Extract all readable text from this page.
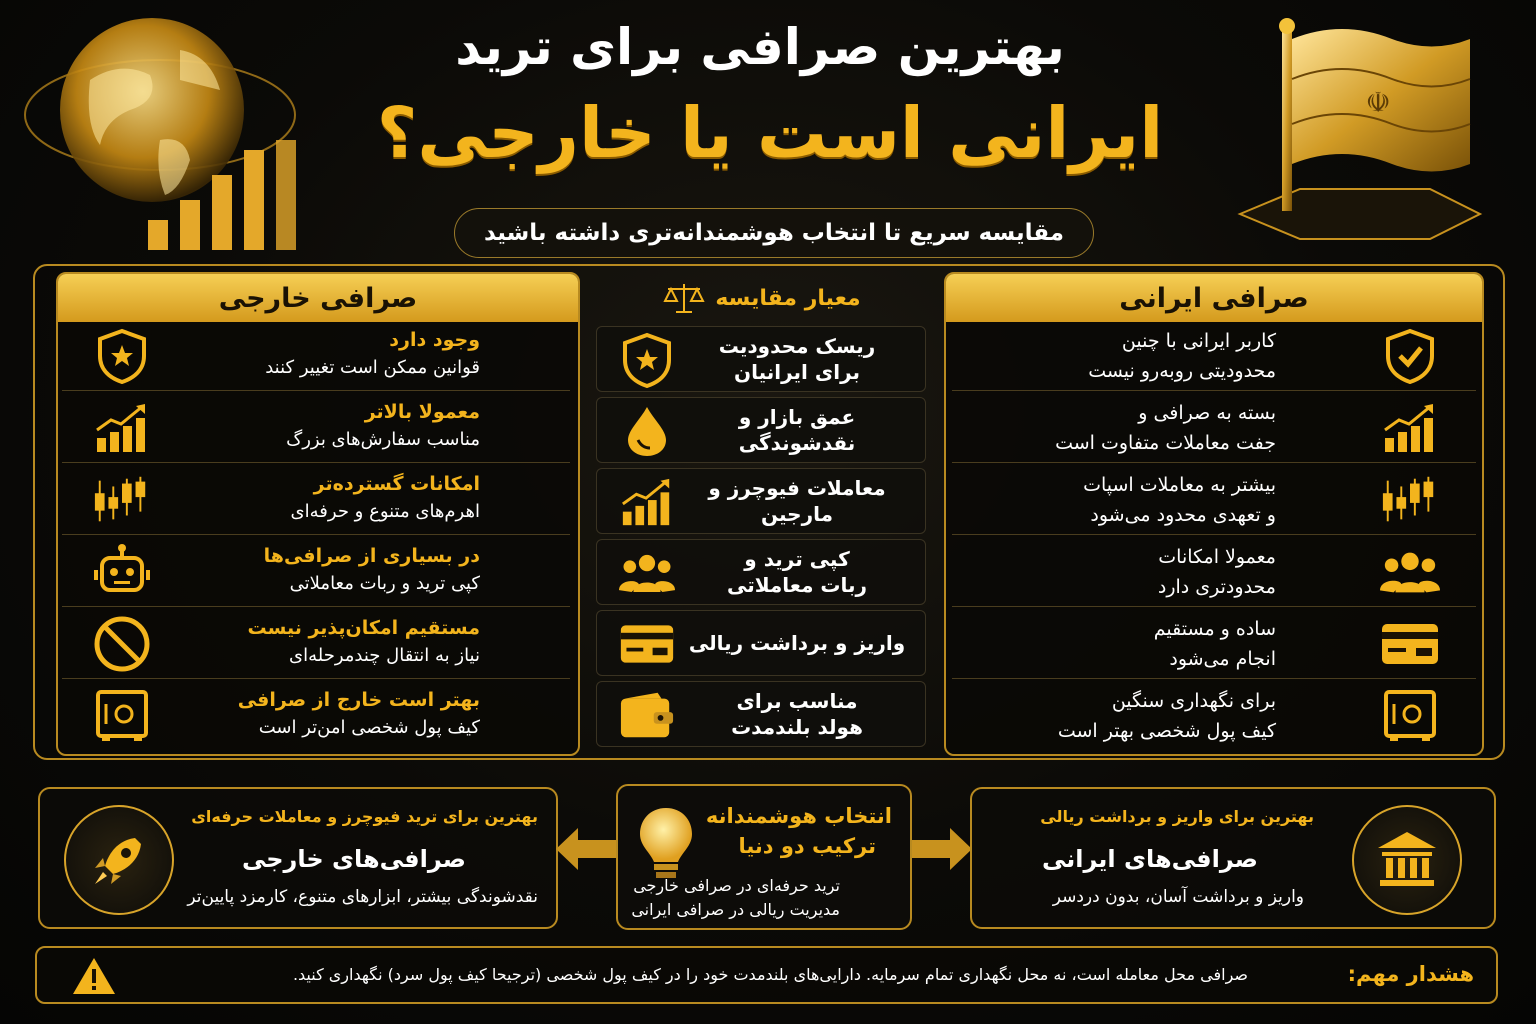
☫
بهترین صرافی برای ترید
ایرانی است یا خارجی؟
مقایسه سریع تا انتخاب هوشمندانه‌تری داشته باشید
صرافی خارجی
وجود دارد
قوانین ممکن است تغییر کنند
معمولا بالاتر
مناسب سفارش‌های بزرگ
امکانات گسترده‌تر
اهرم‌های متنوع و حرفه‌ای
در بسیاری از صرافی‌ها
کپی ترید و ربات معاملاتی
مستقیم امکان‌پذیر نیست
نیاز به انتقال چندمرحله‌ای
بهتر است خارج از صرافی
کیف پول شخصی امن‌تر است
معیار مقایسه
ریسک محدودیت
برای ایرانیان
عمق بازار و نقدشوندگی
معاملات فیوچرز و مارجین
کپی ترید و
ربات معاملاتی
واریز و برداشت ریالی
مناسب برای
هولد بلندمدت
صرافی ایرانی
کاربر ایرانی با چنین
محدودیتی روبه‌رو نیست
بسته به صرافی و
جفت معاملات متفاوت است
بیشتر به معاملات اسپات
و تعهدی محدود می‌شود
معمولا امکانات
محدودتری دارد
ساده و مستقیم
انجام می‌شود
برای نگهداری سنگین
کیف پول شخصی بهتر است
بهترین برای ترید فیوچرز و معاملات حرفه‌ای
صرافی‌های خارجی
نقدشوندگی بیشتر، ابزارهای متنوع، کارمزد پایین‌تر
انتخاب هوشمندانه
ترکیب دو دنیا
ترید حرفه‌ای در صرافی خارجی
مدیریت ریالی در صرافی ایرانی
بهترین برای واریز و برداشت ریالی
صرافی‌های ایرانی
واریز و برداشت آسان، بدون دردسر
صرافی محل معامله است، نه محل نگهداری تمام سرمایه. دارایی‌های بلندمدت خود را در کیف پول شخصی (ترجیحا کیف پول سرد) نگهداری کنید.	هشدار مهم:
